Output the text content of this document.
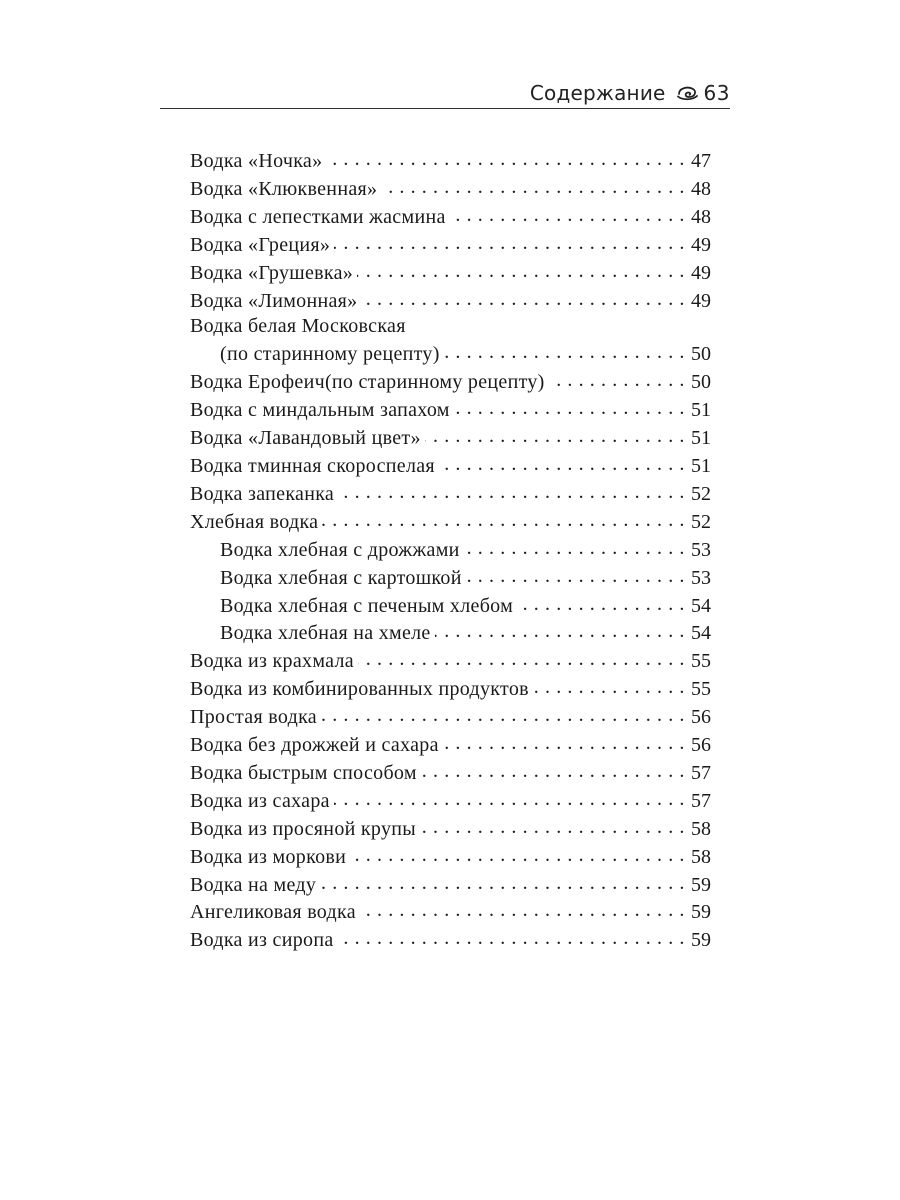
Содержание 63
Водка «Ночка» . . .	47
Водка «Клюквенная» . . .	48
Водка с лепестками жасмина . . .	48
Водка «Греция» . . .	49
Водка «Грушевка» . . .	49
Водка «Лимонная» . . .	49
Водка белая Московская
(по старинному рецепту) . . .	50
Водка Ерофеич(по старинному рецепту) . . .	50
Водка с миндальным запахом . . .	51
Водка «Лавандовый цвет» . . .	51
Водка тминная скороспелая . . .	51
Водка запеканка . . .	52
Хлебная водка . . .	52
Водка хлебная с дрожжами . . .	53
Водка хлебная с картошкой . . .	53
Водка хлебная с печеным хлебом . . .	54
Водка хлебная на хмеле . . .	54
Водка из крахмала . . .	55
Водка из комбинированных продуктов . . .	55
Простая водка . . .	56
Водка без дрожжей и сахара . . .	56
Водка быстрым способом . . .	57
Водка из сахара . . .	57
Водка из просяной крупы . . .	58
Водка из моркови . . .	58
Водка на меду . . .	59
Ангеликовая водка . . .	59
Водка из сиропа . . .	59
